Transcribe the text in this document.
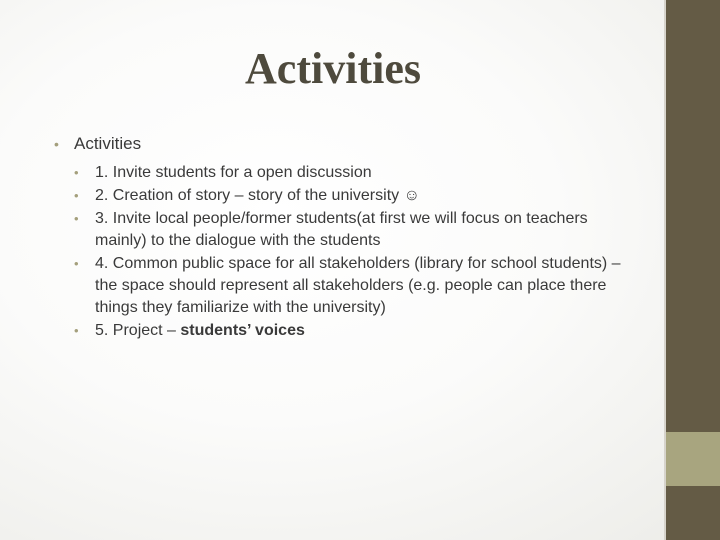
Activities
• Activities
• 1. Invite students for a open discussion
• 2. Creation of story – story of the university ☺
• 3. Invite local people/former students(at first we will focus on teachers mainly) to the dialogue with the students
• 4. Common public space for all stakeholders (library for school students) – the space should represent all stakeholders (e.g. people can place there things they familiarize with the university)
• 5. Project – students’ voices
